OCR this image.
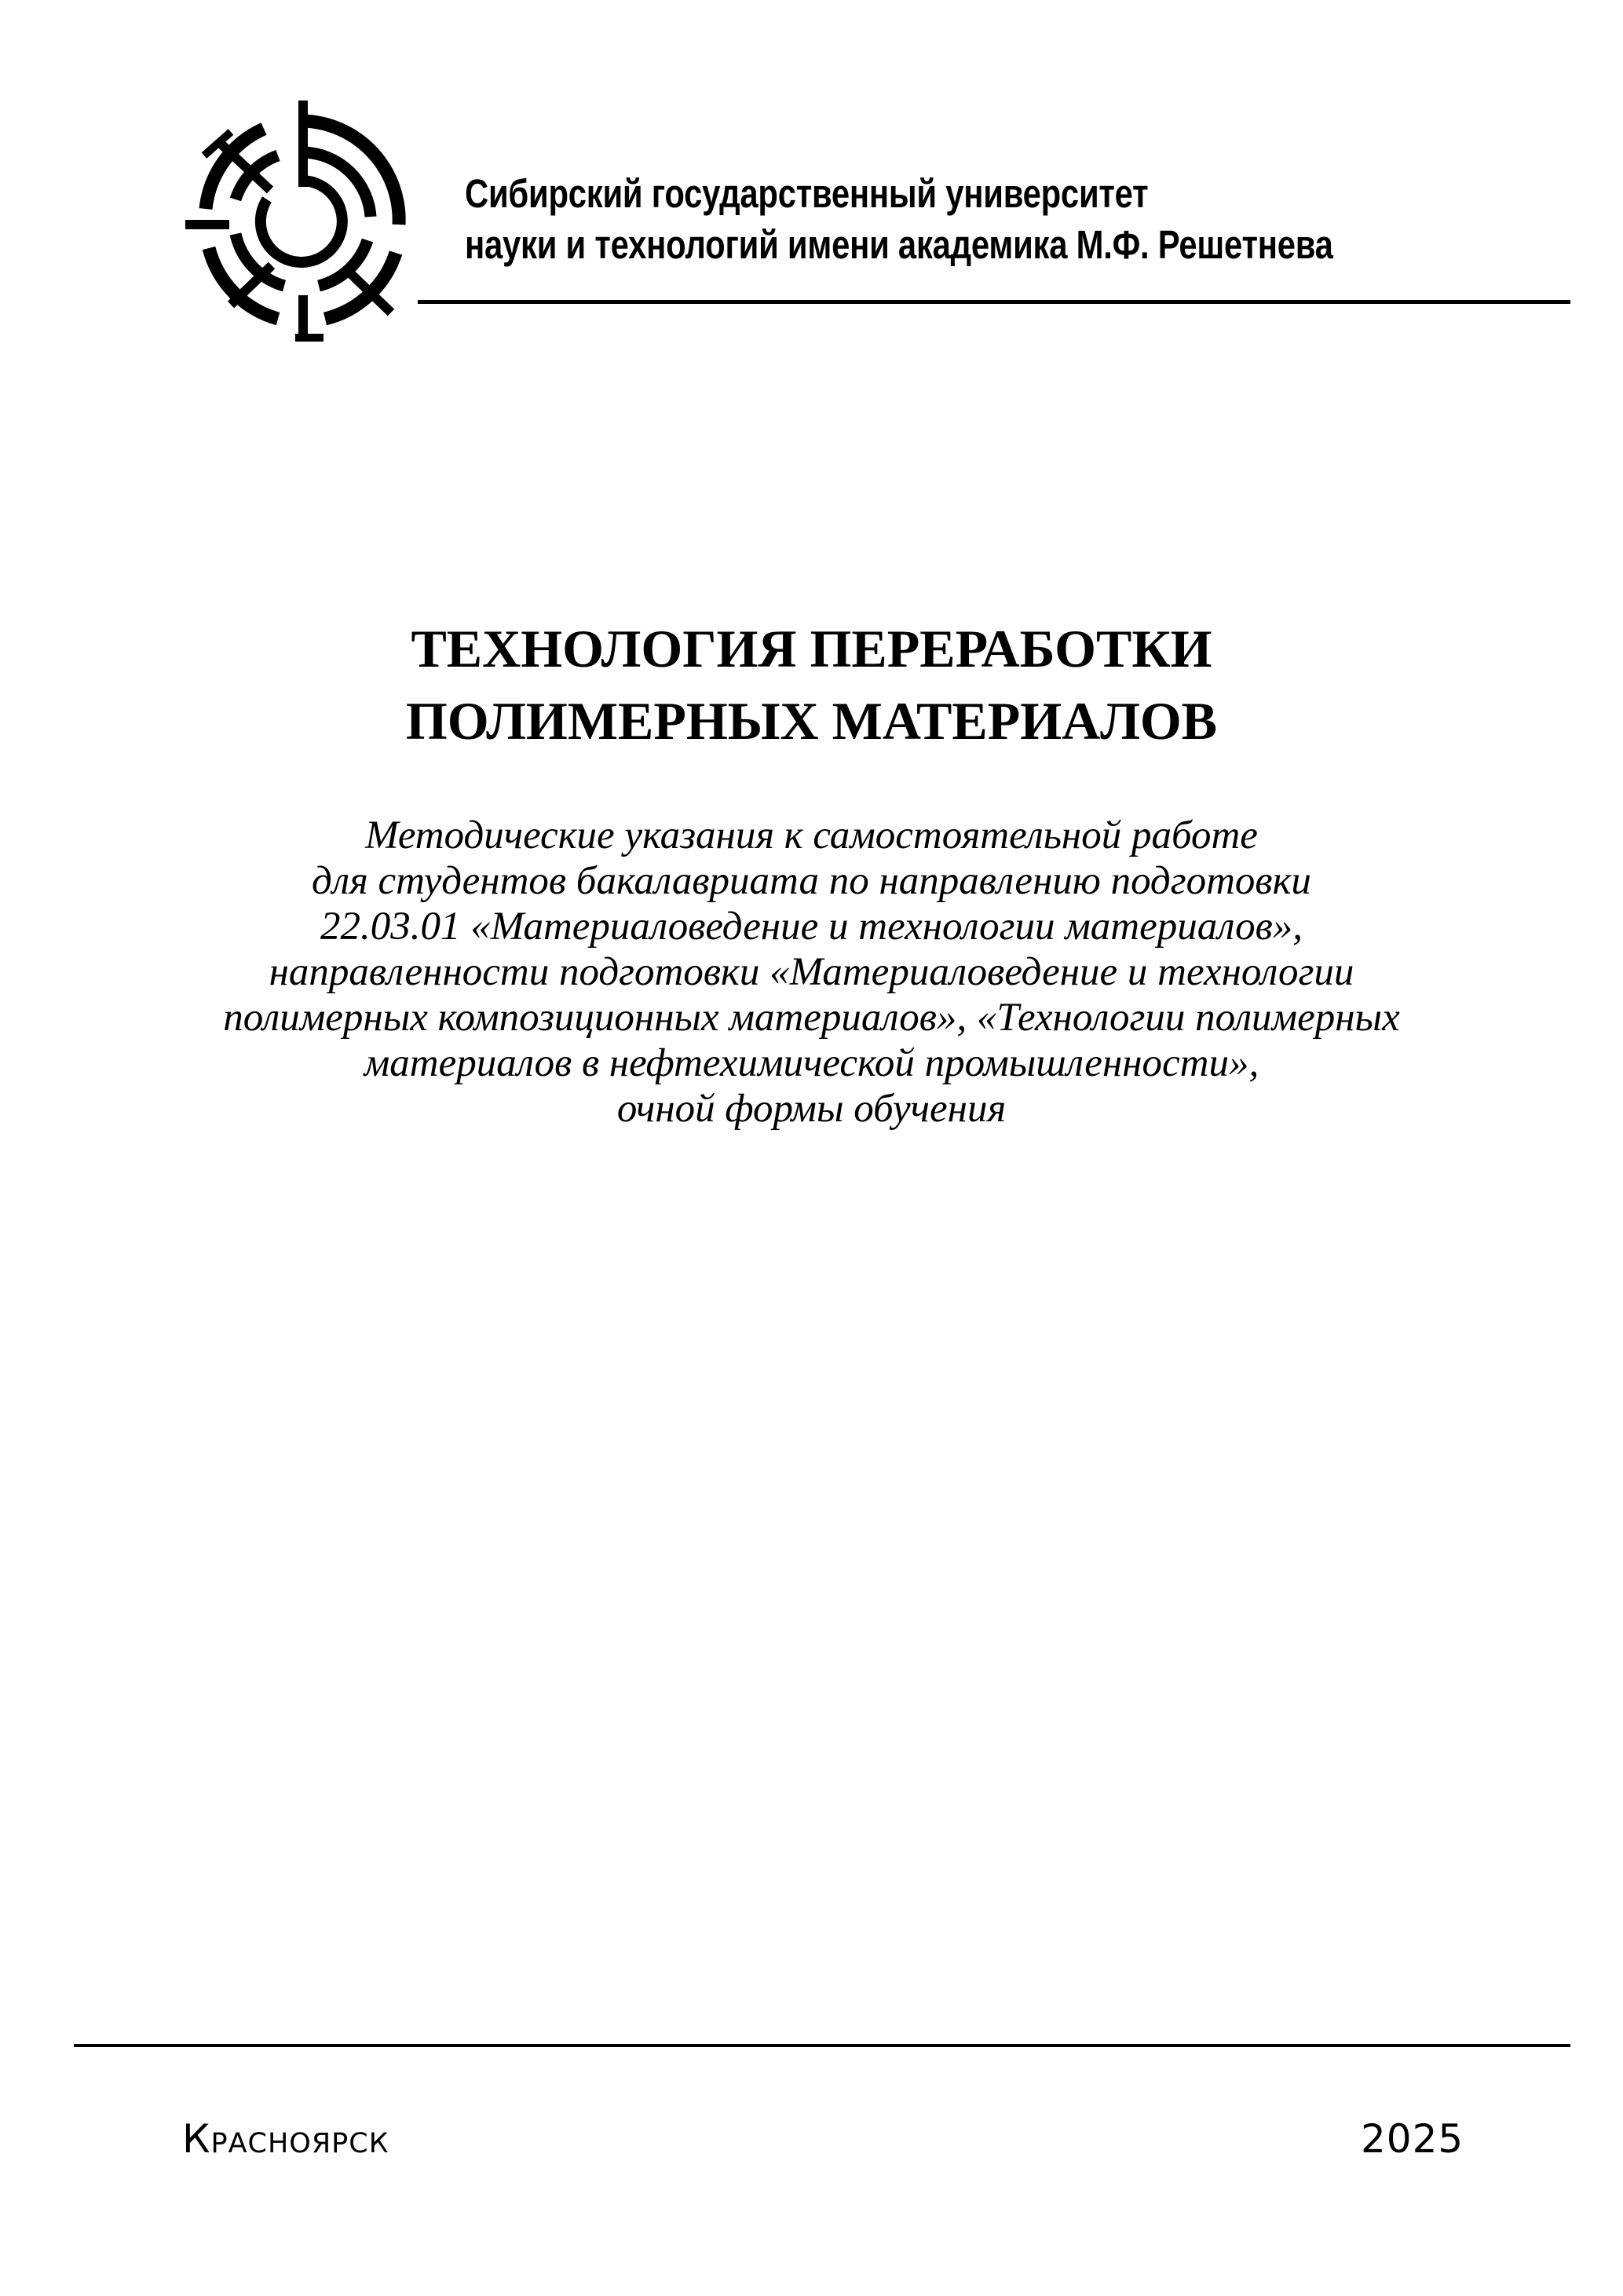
Сибирский государственный университет
науки и технологий имени академика М.Ф. Решетнева
ТЕХНОЛОГИЯ ПЕРЕРАБОТКИ
ПОЛИМЕРНЫХ МАТЕРИАЛОВ
Методические указания к самостоятельной работе
для студентов бакалавриата по направлению подготовки
22.03.01 «Материаловедение и технологии материалов»,
направленности подготовки «Материаловедение и технологии
полимерных композиционных материалов», «Технологии полимерных
материалов в нефтехимической промышленности»,
очной формы обучения
Красноярск	2025
